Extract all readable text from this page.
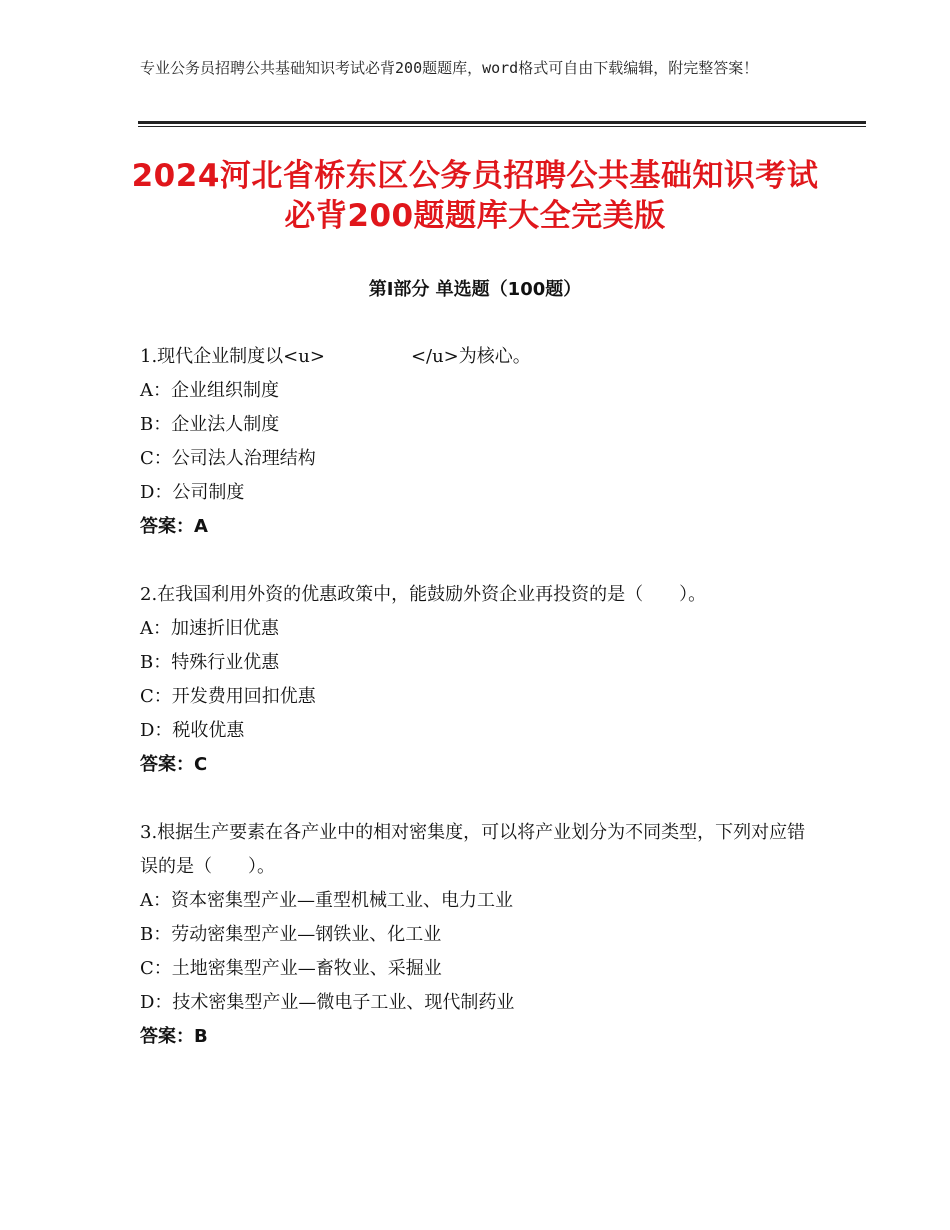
专业公务员招聘公共基础知识考试必背200题题库，word格式可自由下载编辑，附完整答案！
2024河北省桥东区公务员招聘公共基础知识考试必背200题题库大全完美版
第Ⅰ部分 单选题（100题）
1.现代企业制度以<u>	</u>为核心。
A：企业组织制度
B：企业法人制度
C：公司法人治理结构
D：公司制度
答案：A
2.在我国利用外资的优惠政策中，能鼓励外资企业再投资的是（　　）。
A：加速折旧优惠
B：特殊行业优惠
C：开发费用回扣优惠
D：税收优惠
答案：C
3.根据生产要素在各产业中的相对密集度，可以将产业划分为不同类型，下列对应错误的是（　　）。
A：资本密集型产业—重型机械工业、电力工业
B：劳动密集型产业—钢铁业、化工业
C：土地密集型产业—畜牧业、采掘业
D：技术密集型产业—微电子工业、现代制药业
答案：B
